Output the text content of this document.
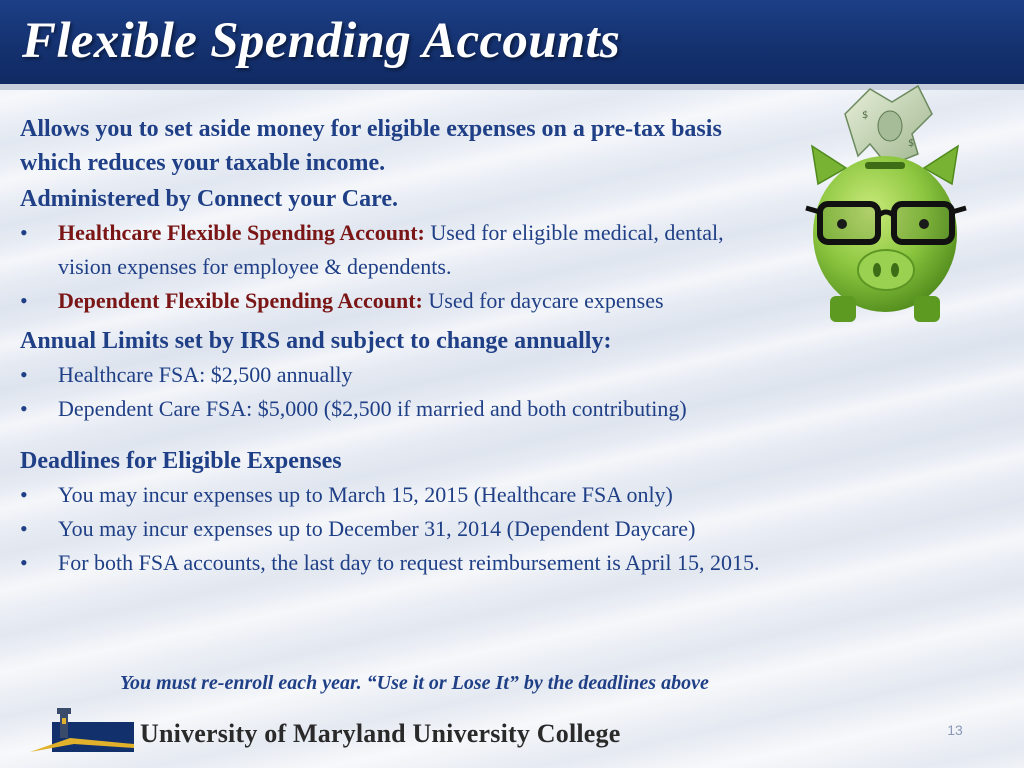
Flexible Spending Accounts
$
$

Allows you to set aside money for eligible expenses on a pre-tax basis which reduces your taxable income.

Administered by Connect your Care.

•	Healthcare Flexible Spending Account: Used for eligible medical, dental, vision expenses for employee & dependents.
•	Dependent Flexible Spending Account: Used for daycare expenses

Annual Limits set by IRS and subject to change annually:

•	Healthcare FSA: $2,500 annually
•	Dependent Care FSA: $5,000 ($2,500 if married and both contributing)

Deadlines for Eligible Expenses

•	You may incur expenses up to March 15, 2015 (Healthcare FSA only)
•	You may incur expenses up to December 31, 2014 (Dependent Daycare)
•	For both FSA accounts, the last day to request reimbursement is April 15, 2015.

You must re-enroll each year. “Use it or Lose It” by the deadlines above

University of Maryland University College	13
